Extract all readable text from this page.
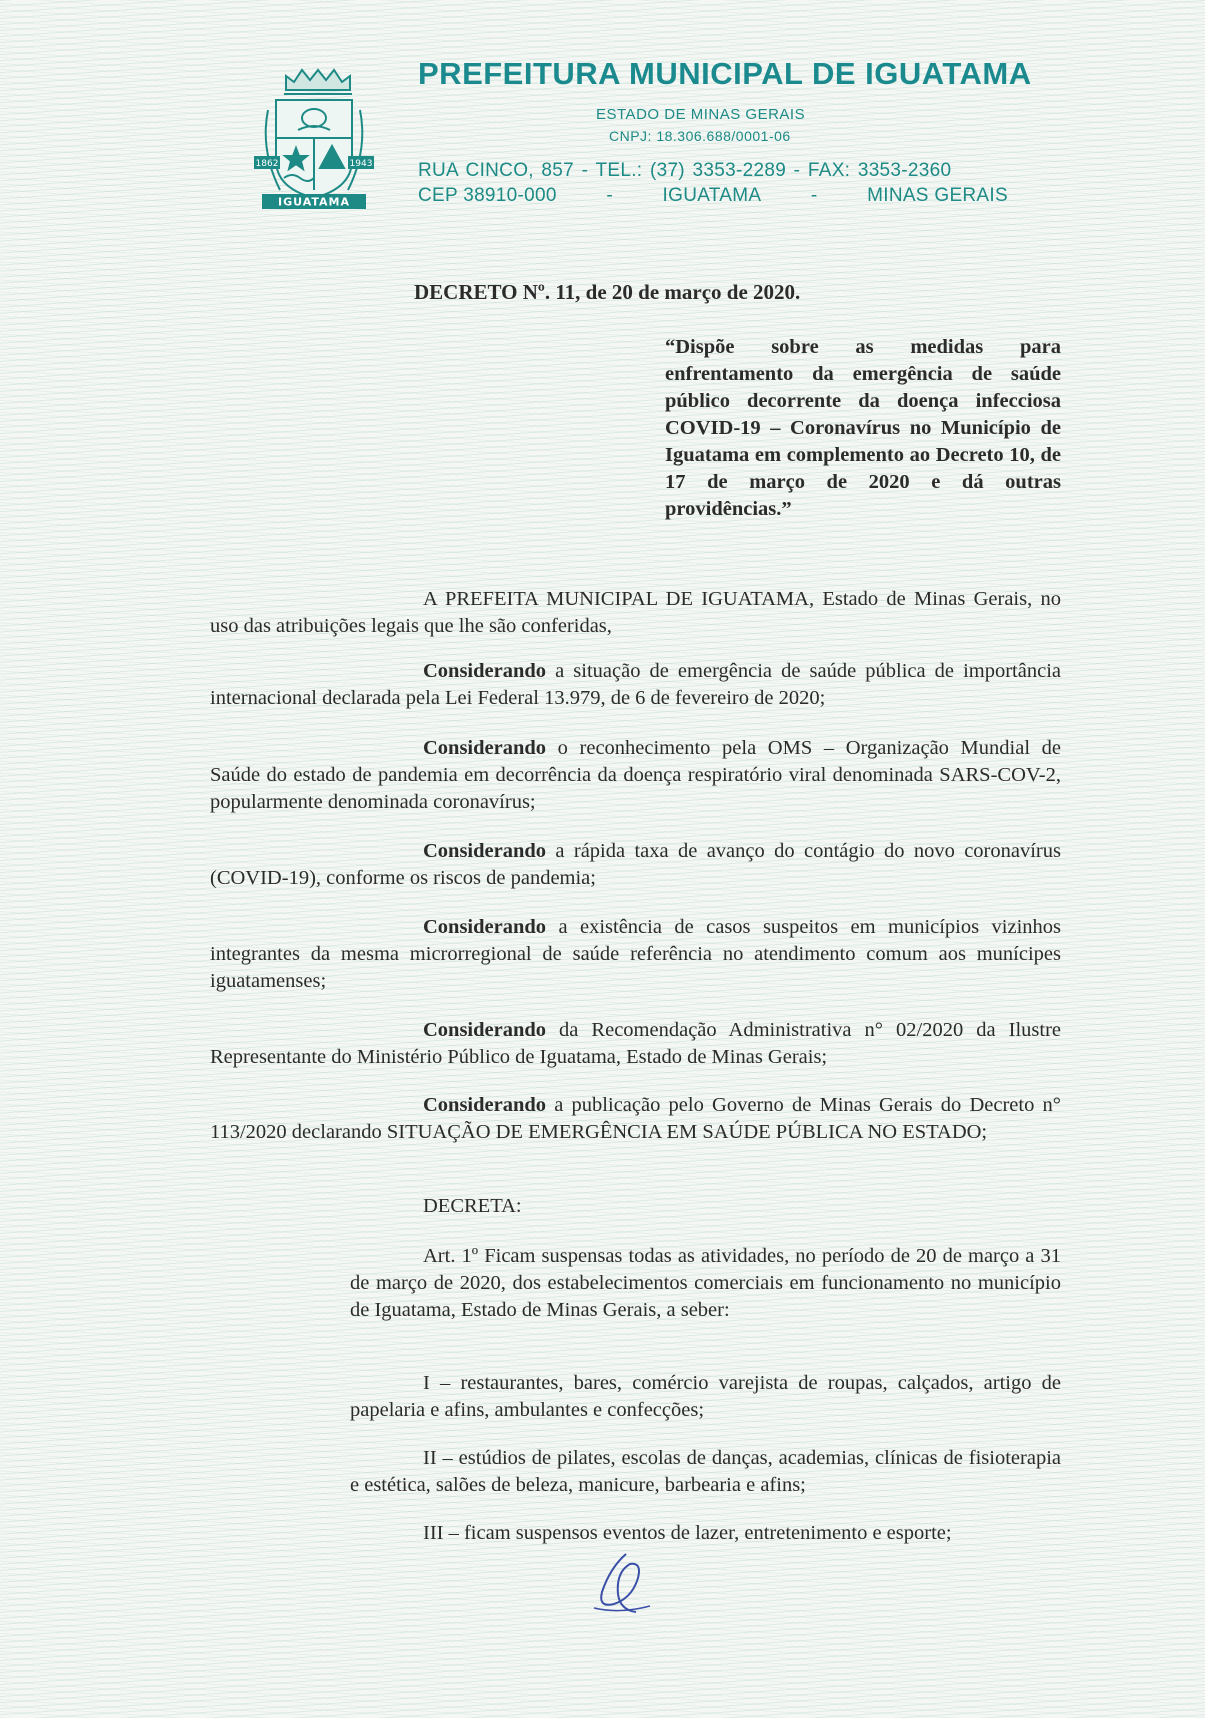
1862	1943
IGUATAMA
PREFEITURA MUNICIPAL DE IGUATAMA
ESTADO DE MINAS GERAIS
CNPJ: 18.306.688/0001-06
RUA CINCO, 857 - TEL.: (37) 3353-2289 - FAX: 3353-2360
CEP 38910-000	-	IGUATAMA	-	MINAS GERAIS
DECRETO Nº. 11, de 20 de março de 2020.
“Dispõe sobre as medidas para enfrentamento da emergência de saúde público decorrente da doença infecciosa COVID-19 – Coronavírus no Município de Iguatama em complemento ao Decreto 10, de 17 de março de 2020 e dá outras providências.”
A PREFEITA MUNICIPAL DE IGUATAMA, Estado de Minas Gerais, no uso das atribuições legais que lhe são conferidas,
Considerando a situação de emergência de saúde pública de importância internacional declarada pela Lei Federal 13.979, de 6 de fevereiro de 2020;
Considerando o reconhecimento pela OMS – Organização Mundial de Saúde do estado de pandemia em decorrência da doença respiratório viral denominada SARS-COV-2, popularmente denominada coronavírus;
Considerando a rápida taxa de avanço do contágio do novo coronavírus (COVID-19), conforme os riscos de pandemia;
Considerando a existência de casos suspeitos em municípios vizinhos integrantes da mesma microrregional de saúde referência no atendimento comum aos munícipes iguatamenses;
Considerando da Recomendação Administrativa n° 02/2020 da Ilustre Representante do Ministério Público de Iguatama, Estado de Minas Gerais;
Considerando a publicação pelo Governo de Minas Gerais do Decreto n° 113/2020 declarando SITUAÇÃO DE EMERGÊNCIA EM SAÚDE PÚBLICA NO ESTADO;
DECRETA:
Art. 1º Ficam suspensas todas as atividades, no período de 20 de março a 31 de março de 2020, dos estabelecimentos comerciais em funcionamento no município de Iguatama, Estado de Minas Gerais, a seber:
I – restaurantes, bares, comércio varejista de roupas, calçados, artigo de papelaria e afins, ambulantes e confecções;
II – estúdios de pilates, escolas de danças, academias, clínicas de fisioterapia e estética, salões de beleza, manicure, barbearia e afins;
III – ficam suspensos eventos de lazer, entretenimento e esporte;
